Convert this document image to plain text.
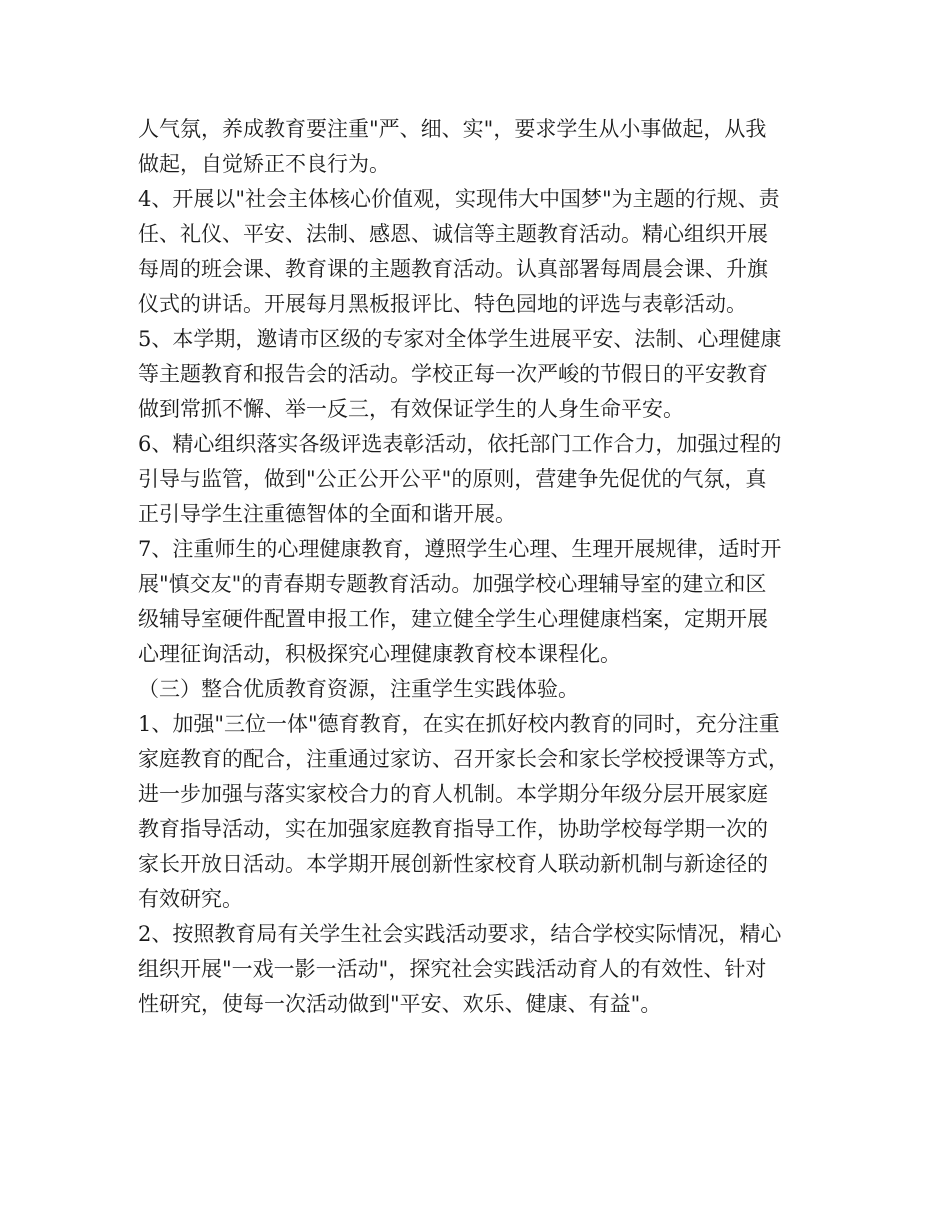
人气氛，养成教育要注重"严、细、实"，要求学生从小事做起，从我
做起，自觉矫正不良行为。
4、开展以"社会主体核心价值观，实现伟大中国梦"为主题的行规、责
任、礼仪、平安、法制、感恩、诚信等主题教育活动。精心组织开展
每周的班会课、教育课的主题教育活动。认真部署每周晨会课、升旗
仪式的讲话。开展每月黑板报评比、特色园地的评选与表彰活动。
5、本学期，邀请市区级的专家对全体学生进展平安、法制、心理健康
等主题教育和报告会的活动。学校正每一次严峻的节假日的平安教育
做到常抓不懈、举一反三，有效保证学生的人身生命平安。
6、精心组织落实各级评选表彰活动，依托部门工作合力，加强过程的
引导与监管，做到"公正公开公平"的原则，营建争先促优的气氛，真
正引导学生注重德智体的全面和谐开展。
7、注重师生的心理健康教育，遵照学生心理、生理开展规律，适时开
展"慎交友"的青春期专题教育活动。加强学校心理辅导室的建立和区
级辅导室硬件配置申报工作，建立健全学生心理健康档案，定期开展
心理征询活动，积极探究心理健康教育校本课程化。
（三）整合优质教育资源，注重学生实践体验。
1、加强"三位一体"德育教育，在实在抓好校内教育的同时，充分注重
家庭教育的配合，注重通过家访、召开家长会和家长学校授课等方式，
进一步加强与落实家校合力的育人机制。本学期分年级分层开展家庭
教育指导活动，实在加强家庭教育指导工作，协助学校每学期一次的
家长开放日活动。本学期开展创新性家校育人联动新机制与新途径的
有效研究。
2、按照教育局有关学生社会实践活动要求，结合学校实际情况，精心
组织开展"一戏一影一活动"，探究社会实践活动育人的有效性、针对
性研究，使每一次活动做到"平安、欢乐、健康、有益"。
